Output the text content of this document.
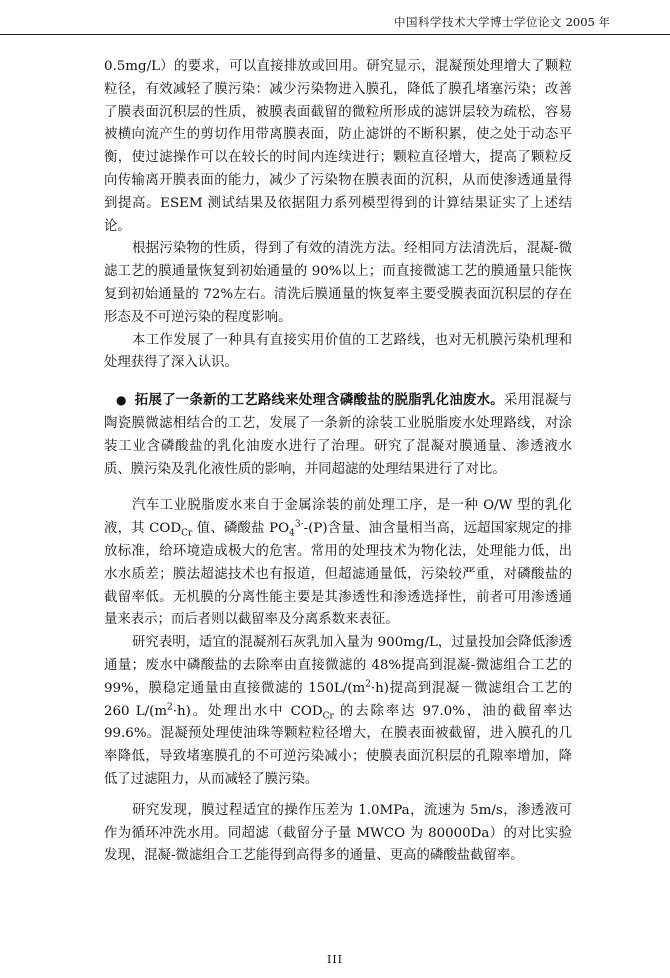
中国科学技术大学博士学位论文 2005 年

0.5mg/L）的要求，可以直接排放或回用。研究显示，混凝预处理增大了颗粒粒径，有效减轻了膜污染：减少污染物进入膜孔，降低了膜孔堵塞污染；改善了膜表面沉积层的性质，被膜表面截留的微粒所形成的滤饼层较为疏松，容易被横向流产生的剪切作用带离膜表面，防止滤饼的不断积累，使之处于动态平衡，使过滤操作可以在较长的时间内连续进行；颗粒直径增大，提高了颗粒反向传输离开膜表面的能力，减少了污染物在膜表面的沉积，从而使渗透通量得到提高。ESEM 测试结果及依据阻力系列模型得到的计算结果证实了上述结论。

根据污染物的性质，得到了有效的清洗方法。经相同方法清洗后，混凝-微滤工艺的膜通量恢复到初始通量的 90%以上；而直接微滤工艺的膜通量只能恢复到初始通量的 72%左右。清洗后膜通量的恢复率主要受膜表面沉积层的存在形态及不可逆污染的程度影响。

本工作发展了一种具有直接实用价值的工艺路线，也对无机膜污染机理和处理获得了深入认识。

● 拓展了一条新的工艺路线来处理含磷酸盐的脱脂乳化油废水。采用混凝与陶瓷膜微滤相结合的工艺，发展了一条新的涂装工业脱脂废水处理路线，对涂装工业含磷酸盐的乳化油废水进行了治理。研究了混凝对膜通量、渗透液水质、膜污染及乳化液性质的影响，并同超滤的处理结果进行了对比。

汽车工业脱脂废水来自于金属涂装的前处理工序，是一种 O/W 型的乳化液，其 $COD_{Cr}$ 值、磷酸盐 $PO_4^{3-}-(P)$含量、油含量相当高，远超国家规定的排放标准，给环境造成极大的危害。常用的处理技术为物化法，处理能力低，出水水质差；膜法超滤技术也有报道，但超滤通量低，污染较严重，对磷酸盐的截留率低。无机膜的分离性能主要是其渗透性和渗透选择性，前者可用渗透通量来表示；而后者则以截留率及分离系数来表征。

研究表明，适宜的混凝剂石灰乳加入量为 900mg/L，过量投加会降低渗透通量；废水中磷酸盐的去除率由直接微滤的 48%提高到混凝-微滤组合工艺的 99%，膜稳定通量由直接微滤的 $150L/(m^2\cdot h)$提高到混凝－微滤组合工艺的 260 $L/(m^2\cdot h)$。处理出水中 $COD_{Cr}$ 的去除率达 97.0%，油的截留率达 99.6%。混凝预处理使油珠等颗粒粒径增大，在膜表面被截留，进入膜孔的几率降低，导致堵塞膜孔的不可逆污染减小；使膜表面沉积层的孔隙率增加，降低了过滤阻力，从而减轻了膜污染。

研究发现，膜过程适宜的操作压差为 1.0MPa，流速为 5m/s，渗透液可作为循环冲洗水用。同超滤（截留分子量 MWCO 为 80000Da）的对比实验发现，混凝-微滤组合工艺能得到高得多的通量、更高的磷酸盐截留率。

III
